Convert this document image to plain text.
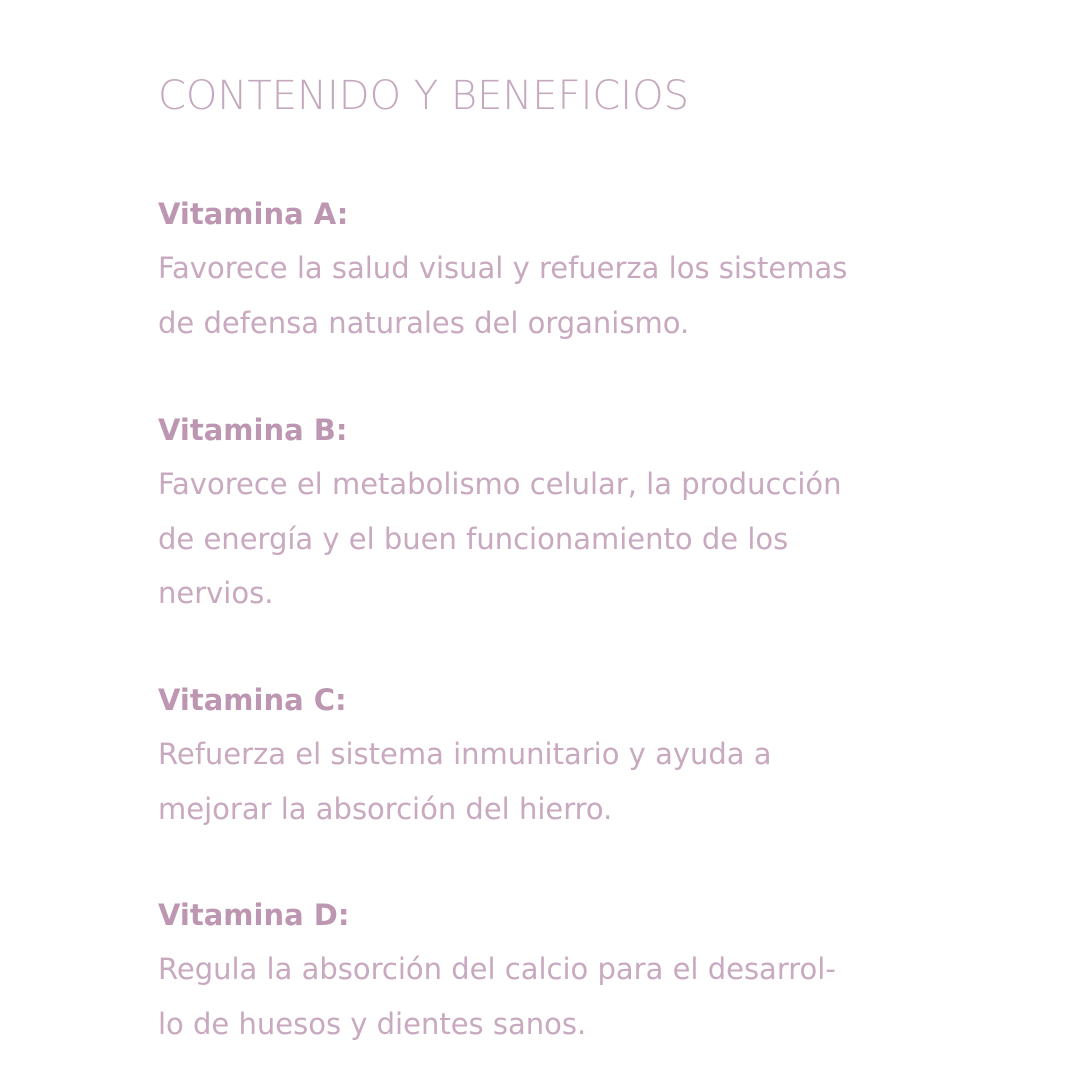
CONTENIDO Y BENEFICIOS
Vitamina A:

Favorece la salud visual y refuerza los sistemas
de defensa naturales del organismo.

Vitamina B:

Favorece el metabolismo celular, la producción
de energía y el buen funcionamiento de los
nervios.

Vitamina C:

Refuerza el sistema inmunitario y ayuda a
mejorar la absorción del hierro.

Vitamina D:

Regula la absorción del calcio para el desarrol-
lo de huesos y dientes sanos.
